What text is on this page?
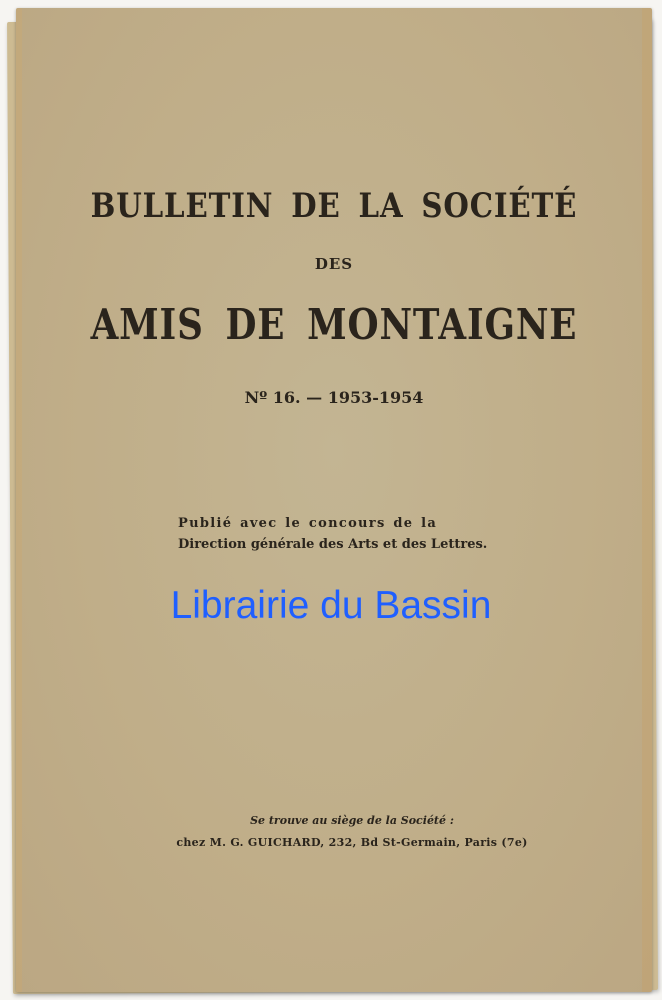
BULLETIN DE LA SOCIÉTÉ
DES
AMIS DE MONTAIGNE
Nº 16. — 1953-1954
Publié avec le concours de la
Direction générale des Arts et des Lettres.
Se trouve au siège de la Société :
chez M. G. GUICHARD, 232, Bd St-Germain, Paris (7e)
Librairie du Bassin
